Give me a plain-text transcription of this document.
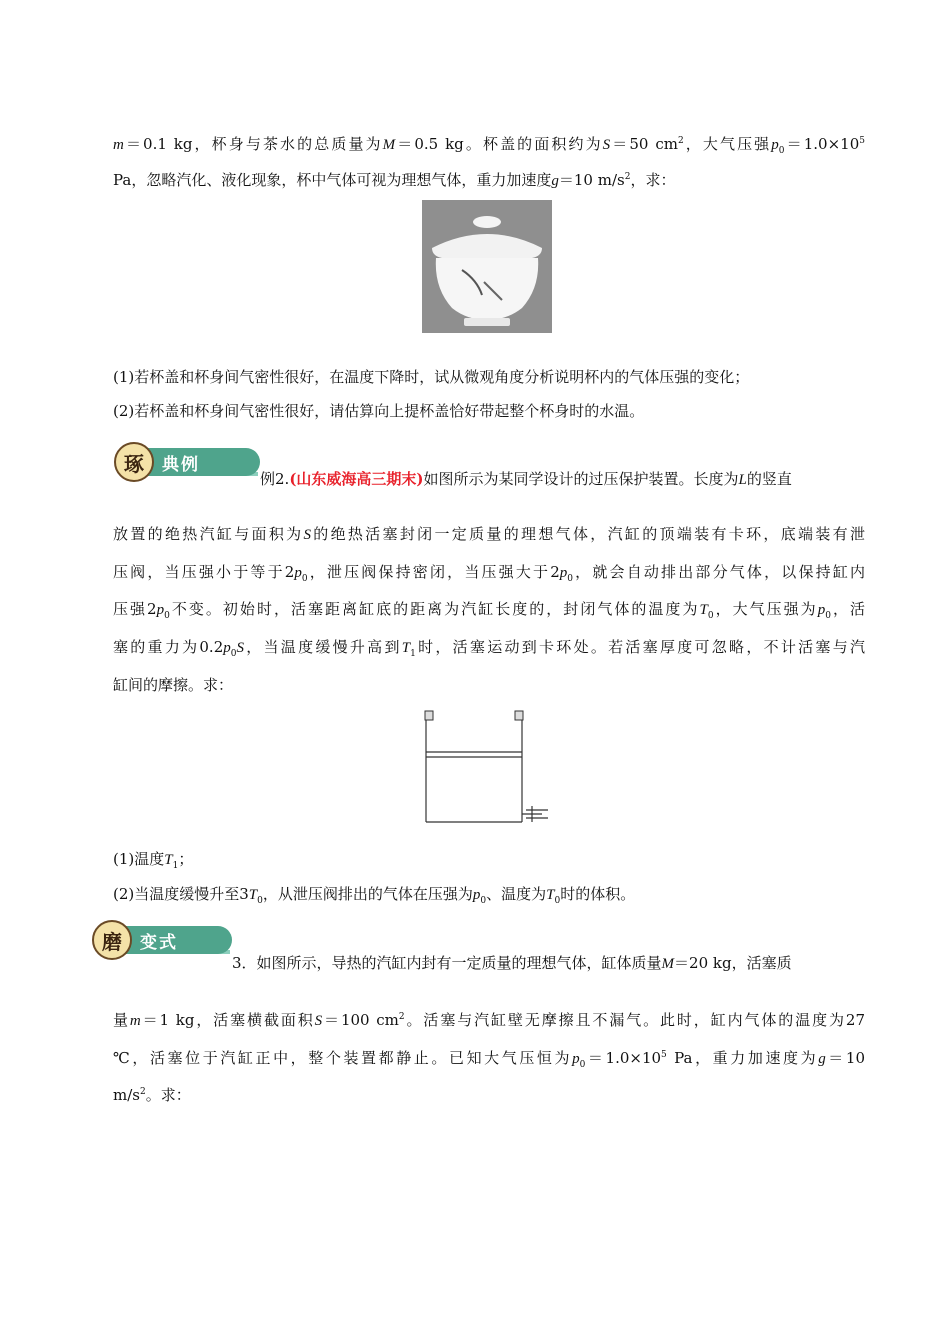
m＝0.1 kg，杯身与茶水的总质量为M＝0.5 kg。杯盖的面积约为S＝50 $cm^2$，大气压强$p_0=1.0\times 10^5$
Pa，忽略汽化、液化现象，杯中气体可视为理想气体，重力加速度g＝10 $m/s^2$，求：
(1)若杯盖和杯身间气密性很好，在温度下降时，试从微观角度分析说明杯内的气体压强的变化；
(2)若杯盖和杯身间气密性很好，请估算向上提杯盖恰好带起整个杯身时的水温。
典例
琢
例2.(山东威海高三期末)如图所示为某同学设计的过压保护装置。长度为L的竖直
放置的绝热汽缸与面积为S的绝热活塞封闭一定质量的理想气体，汽缸的顶端装有卡环，底端装有泄
压阀，当压强小于等于$2p_0$，泄压阀保持密闭，当压强大于$2p_0$，就会自动排出部分气体，以保持缸内
压强$2p_0$不变。初始时，活塞距离缸底的距离为汽缸长度的，封闭气体的温度为$T_0$，大气压强为$p_0$，活
塞的重力为$0.2p_0S$，当温度缓慢升高到$T_1$时，活塞运动到卡环处。若活塞厚度可忽略，不计活塞与汽
缸间的摩擦。求：
(1)温度$T_1$；
(2)当温度缓慢升至$3T_0$，从泄压阀排出的气体在压强为$p_0$、温度为$T_0$时的体积。
变式
磨
3．如图所示，导热的汽缸内封有一定质量的理想气体，缸体质量M＝20 kg，活塞质
量m＝1 kg，活塞横截面积S＝100 $cm^2$。活塞与汽缸壁无摩擦且不漏气。此时，缸内气体的温度为27
℃，活塞位于汽缸正中，整个装置都静止。已知大气压恒为$p_0=1.0\times 10^5$ Pa，重力加速度为g＝10
$m/s^2$。求：
